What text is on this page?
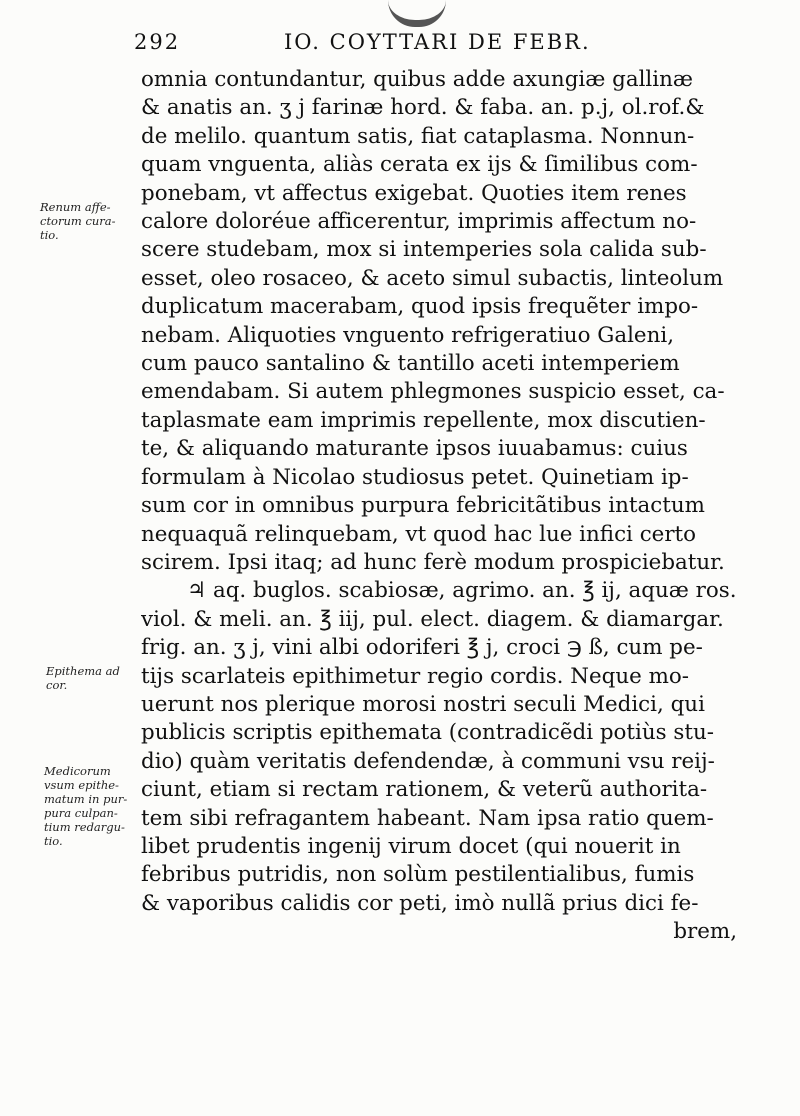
292	IO. COYTTARI DE FEBR.
omnia contundantur, quibus adde axungiæ gallinæ
& anatis an. ʒ j farinæ hord. & faba. an. p.j, ol.rof.&
de melilo. quantum satis, fiat cataplasma. Nonnun-
quam vnguenta, aliàs cerata ex ijs & ſimilibus com-
ponebam, vt affectus exigebat. Quoties item renes
calore doloréue afficerentur, imprimis affectum no-
scere studebam, mox si intemperies sola calida sub-
esset, oleo rosaceo, & aceto simul subactis, linteolum
duplicatum macerabam, quod ipsis frequẽter impo-
nebam. Aliquoties vnguento refrigeratiuo Galeni,
cum pauco santalino & tantillo aceti intemperiem
emendabam. Si autem phlegmones suspicio esset, ca-
taplasmate eam imprimis repellente, mox discutien-
te, & aliquando maturante ipsos iuuabamus: cuius
formulam à Nicolao studiosus petet. Quinetiam ip-
sum cor in omnibus purpura febricitãtibus intactum
nequaquã relinquebam, vt quod hac lue infici certo
scirem. Ipsi itaq; ad hunc ferè modum prospiciebatur.
♃ aq. buglos. scabiosæ, agrimo. an. ℥ ij, aquæ ros.
viol. & meli. an. ℥ iij, pul. elect. diagem. & diamargar.
frig. an. ʒ j, vini albi odoriferi ℥ j, croci ℈ ß, cum pe-
tijs scarlateis epithimetur regio cordis. Neque mo-
uerunt nos plerique morosi nostri seculi Medici, qui
publicis scriptis epithemata (contradicẽdi potiùs stu-
dio) quàm veritatis defendendæ, à communi vsu reij-
ciunt, etiam si rectam rationem, & veterũ authorita-
tem sibi refragantem habeant. Nam ipsa ratio quem-
libet prudentis ingenij virum docet (qui nouerit in
febribus putridis, non solùm pestilentialibus, fumis
& vaporibus calidis cor peti, imò nullã prius dici fe-
brem,
Renum affe-
ctorum cura-
tio.
Epithema ad
cor.
Medicorum
vsum epithe-
matum in pur-
pura culpan-
tium redargu-
tio.
